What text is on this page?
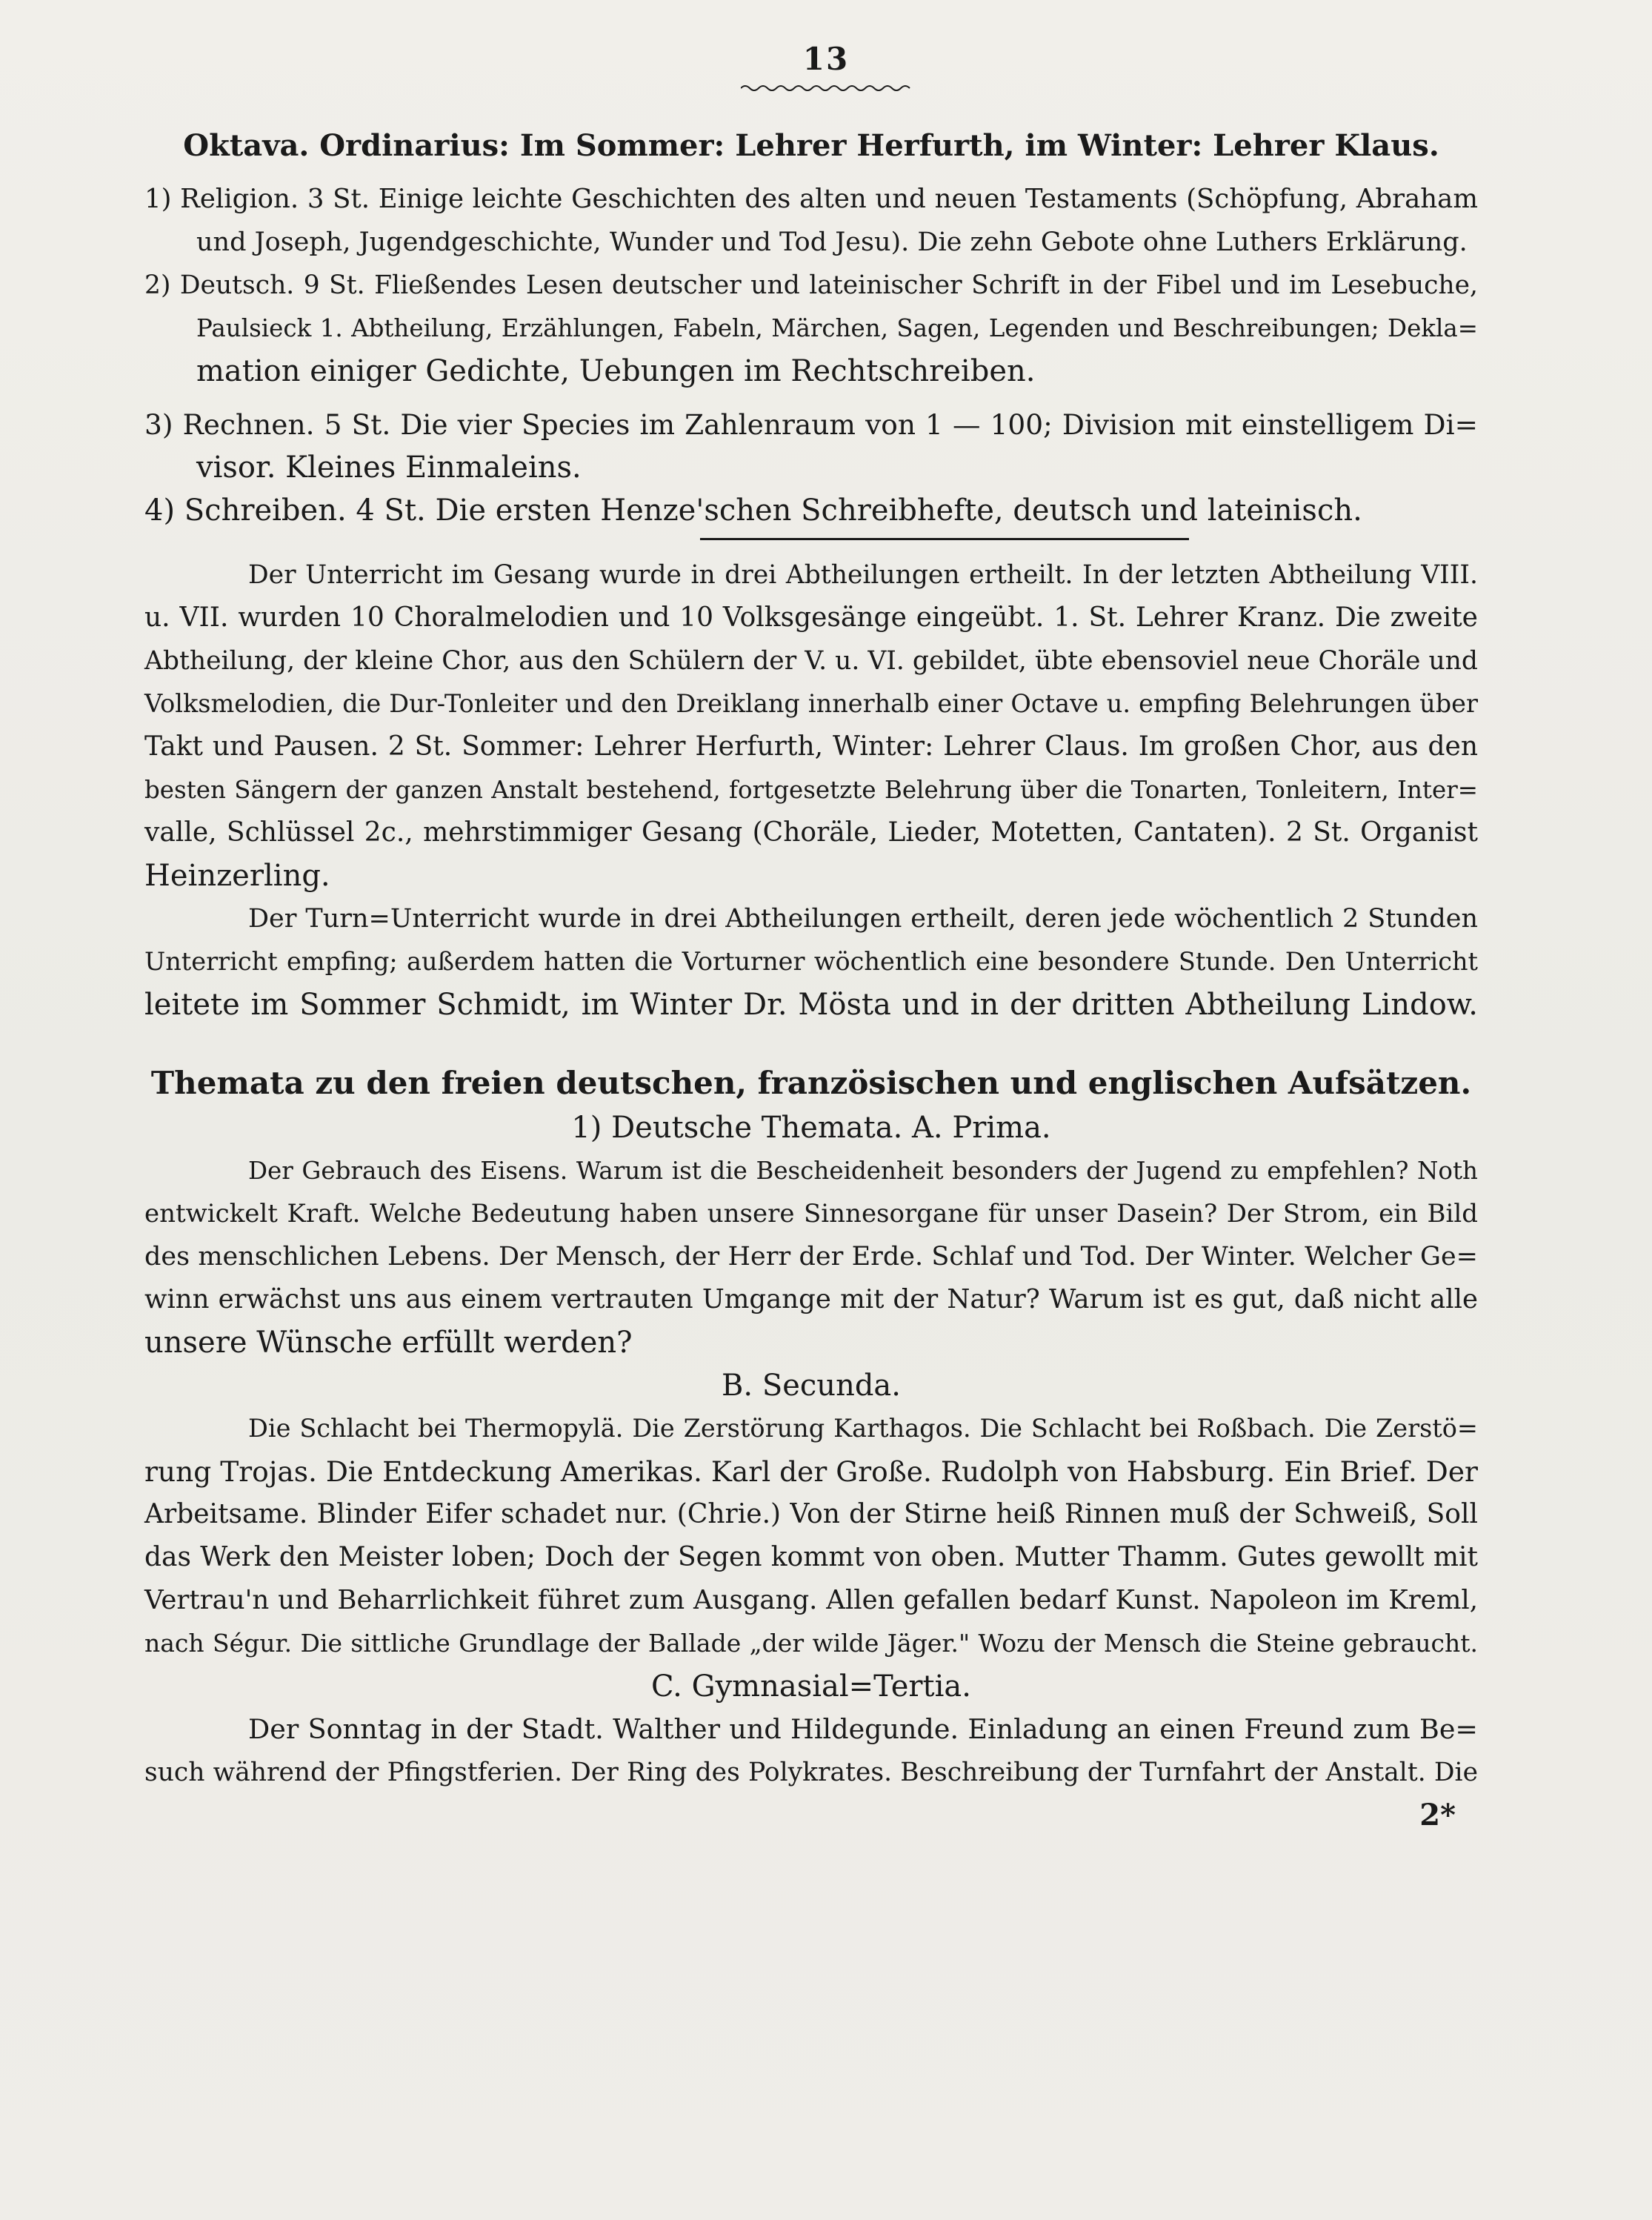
13
Oktava. Ordinarius: Im Sommer: Lehrer Herfurth, im Winter: Lehrer Klaus.
1) Religion. 3 St. Einige leichte Geschichten des alten und neuen Testaments (Schöpfung, Abraham
und Joseph, Jugendgeschichte, Wunder und Tod Jesu). Die zehn Gebote ohne Luthers Erklärung.
2) Deutsch. 9 St. Fließendes Lesen deutscher und lateinischer Schrift in der Fibel und im Lesebuche,
Paulsieck 1. Abtheilung, Erzählungen, Fabeln, Märchen, Sagen, Legenden und Beschreibungen; Dekla=
mation einiger Gedichte, Uebungen im Rechtschreiben.
3) Rechnen. 5 St. Die vier Species im Zahlenraum von 1 — 100; Division mit einstelligem Di=
visor. Kleines Einmaleins.
4) Schreiben. 4 St. Die ersten Henze'schen Schreibhefte, deutsch und lateinisch.
Der Unterricht im Gesang wurde in drei Abtheilungen ertheilt. In der letzten Abtheilung VIII.
u. VII. wurden 10 Choralmelodien und 10 Volksgesänge eingeübt. 1. St. Lehrer Kranz. Die zweite
Abtheilung, der kleine Chor, aus den Schülern der V. u. VI. gebildet, übte ebensoviel neue Choräle und
Volksmelodien, die Dur-Tonleiter und den Dreiklang innerhalb einer Octave u. empfing Belehrungen über
Takt und Pausen. 2 St. Sommer: Lehrer Herfurth, Winter: Lehrer Claus. Im großen Chor, aus den
besten Sängern der ganzen Anstalt bestehend, fortgesetzte Belehrung über die Tonarten, Tonleitern, Inter=
valle, Schlüssel 2c., mehrstimmiger Gesang (Choräle, Lieder, Motetten, Cantaten). 2 St. Organist
Heinzerling.
Der Turn=Unterricht wurde in drei Abtheilungen ertheilt, deren jede wöchentlich 2 Stunden
Unterricht empfing; außerdem hatten die Vorturner wöchentlich eine besondere Stunde. Den Unterricht
leitete im Sommer Schmidt, im Winter Dr. Mösta und in der dritten Abtheilung Lindow.
Themata zu den freien deutschen, französischen und englischen Aufsätzen.
1) Deutsche Themata. A. Prima.
Der Gebrauch des Eisens. Warum ist die Bescheidenheit besonders der Jugend zu empfehlen? Noth
entwickelt Kraft. Welche Bedeutung haben unsere Sinnesorgane für unser Dasein? Der Strom, ein Bild
des menschlichen Lebens. Der Mensch, der Herr der Erde. Schlaf und Tod. Der Winter. Welcher Ge=
winn erwächst uns aus einem vertrauten Umgange mit der Natur? Warum ist es gut, daß nicht alle
unsere Wünsche erfüllt werden?
B. Secunda.
Die Schlacht bei Thermopylä. Die Zerstörung Karthagos. Die Schlacht bei Roßbach. Die Zerstö=
rung Trojas. Die Entdeckung Amerikas. Karl der Große. Rudolph von Habsburg. Ein Brief. Der
Arbeitsame. Blinder Eifer schadet nur. (Chrie.) Von der Stirne heiß Rinnen muß der Schweiß, Soll
das Werk den Meister loben; Doch der Segen kommt von oben. Mutter Thamm. Gutes gewollt mit
Vertrau'n und Beharrlichkeit führet zum Ausgang. Allen gefallen bedarf Kunst. Napoleon im Kreml,
nach Ségur. Die sittliche Grundlage der Ballade „der wilde Jäger." Wozu der Mensch die Steine gebraucht.
C. Gymnasial=Tertia.
Der Sonntag in der Stadt. Walther und Hildegunde. Einladung an einen Freund zum Be=
such während der Pfingstferien. Der Ring des Polykrates. Beschreibung der Turnfahrt der Anstalt. Die
2*
